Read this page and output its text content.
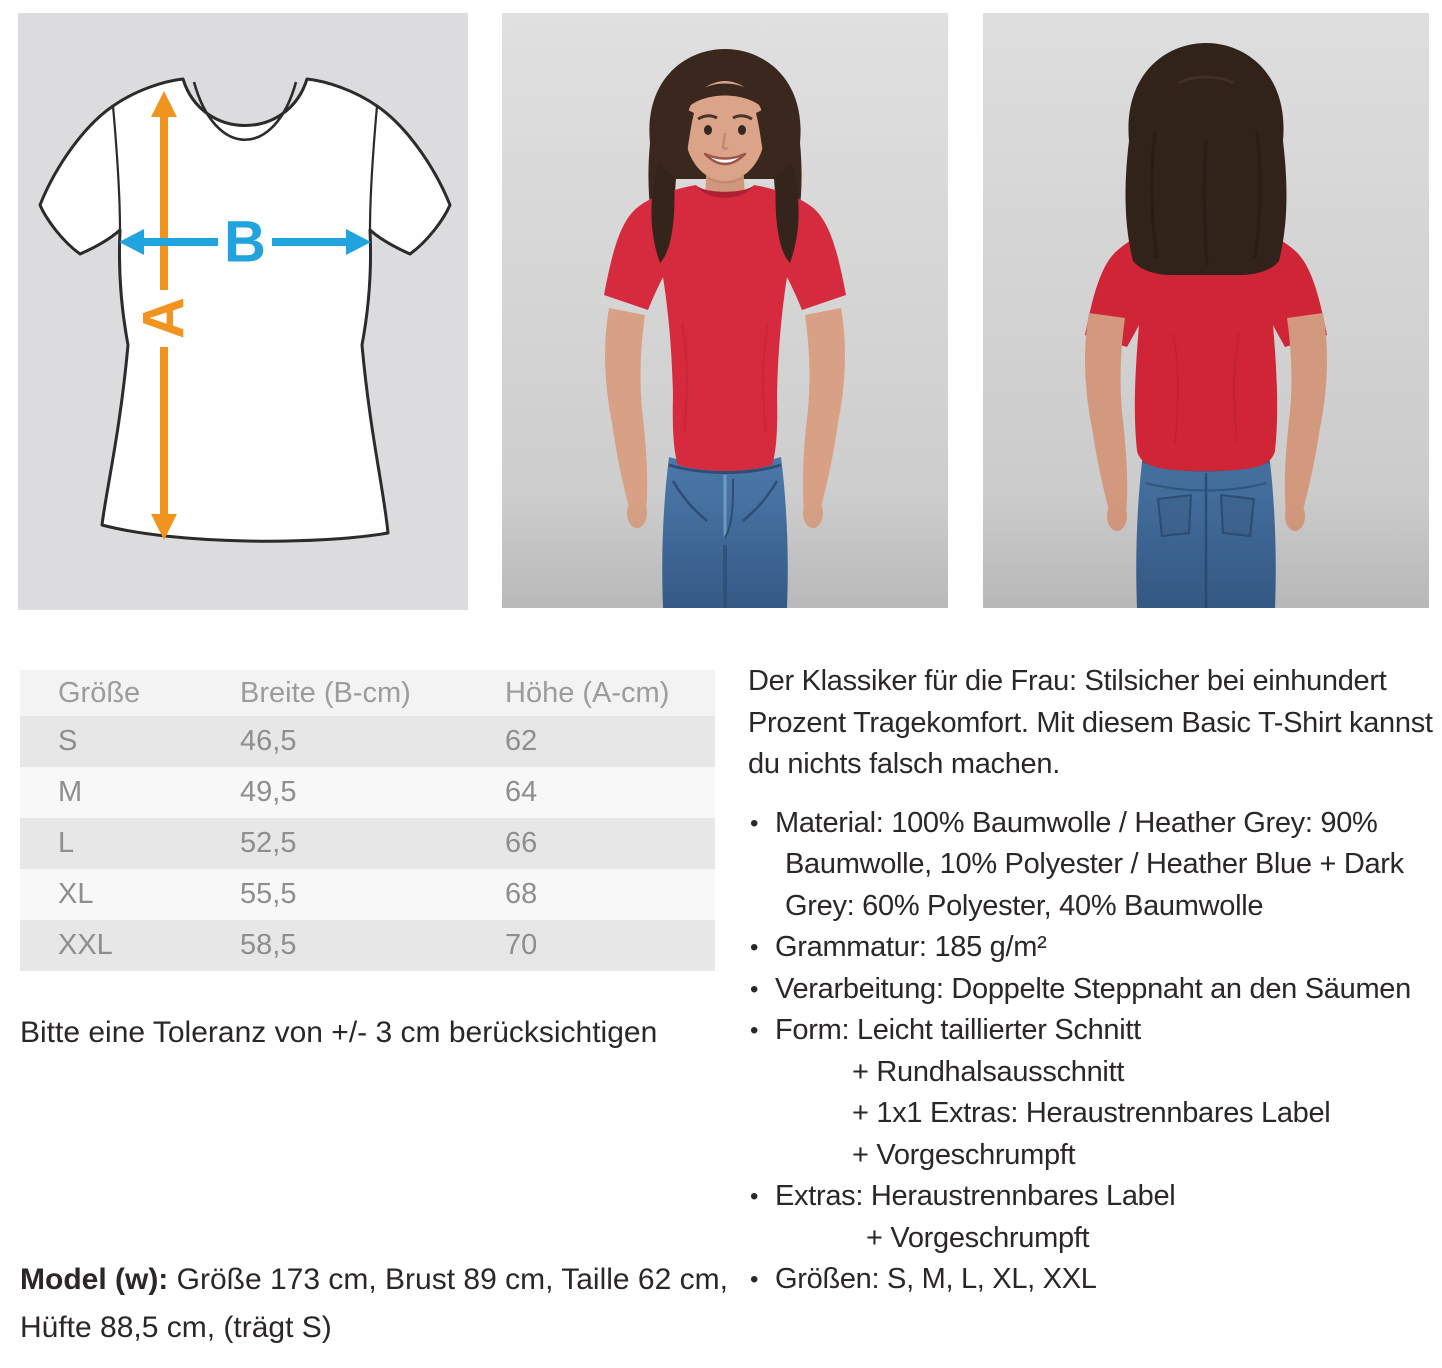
A
B
Größe	Breite (B-cm)	Höhe (A-cm)
S	46,5	62
M	49,5	64
L	52,5	66
XL	55,5	68
XXL	58,5	70
Bitte eine Toleranz von +/- 3 cm berücksichtigen
Model (w): Größe 173 cm, Brust 89 cm, Taille 62 cm, Hüfte 88,5 cm, (trägt S)
Der Klassiker für die Frau: Stilsicher bei einhundert
Prozent Tragekomfort. Mit diesem Basic T-Shirt kannst
du nichts falsch machen.
• Material: 100% Baumwolle / Heather Grey: 90%
Baumwolle, 10% Polyester / Heather Blue + Dark
Grey: 60% Polyester, 40% Baumwolle
• Grammatur: 185 g/m²
• Verarbeitung: Doppelte Steppnaht an den Säumen
• Form: Leicht taillierter Schnitt
+ Rundhalsausschnitt
+ 1x1 Extras: Heraustrennbares Label
+ Vorgeschrumpft
• Extras: Heraustrennbares Label
+ Vorgeschrumpft
• Größen: S, M, L, XL, XXL
